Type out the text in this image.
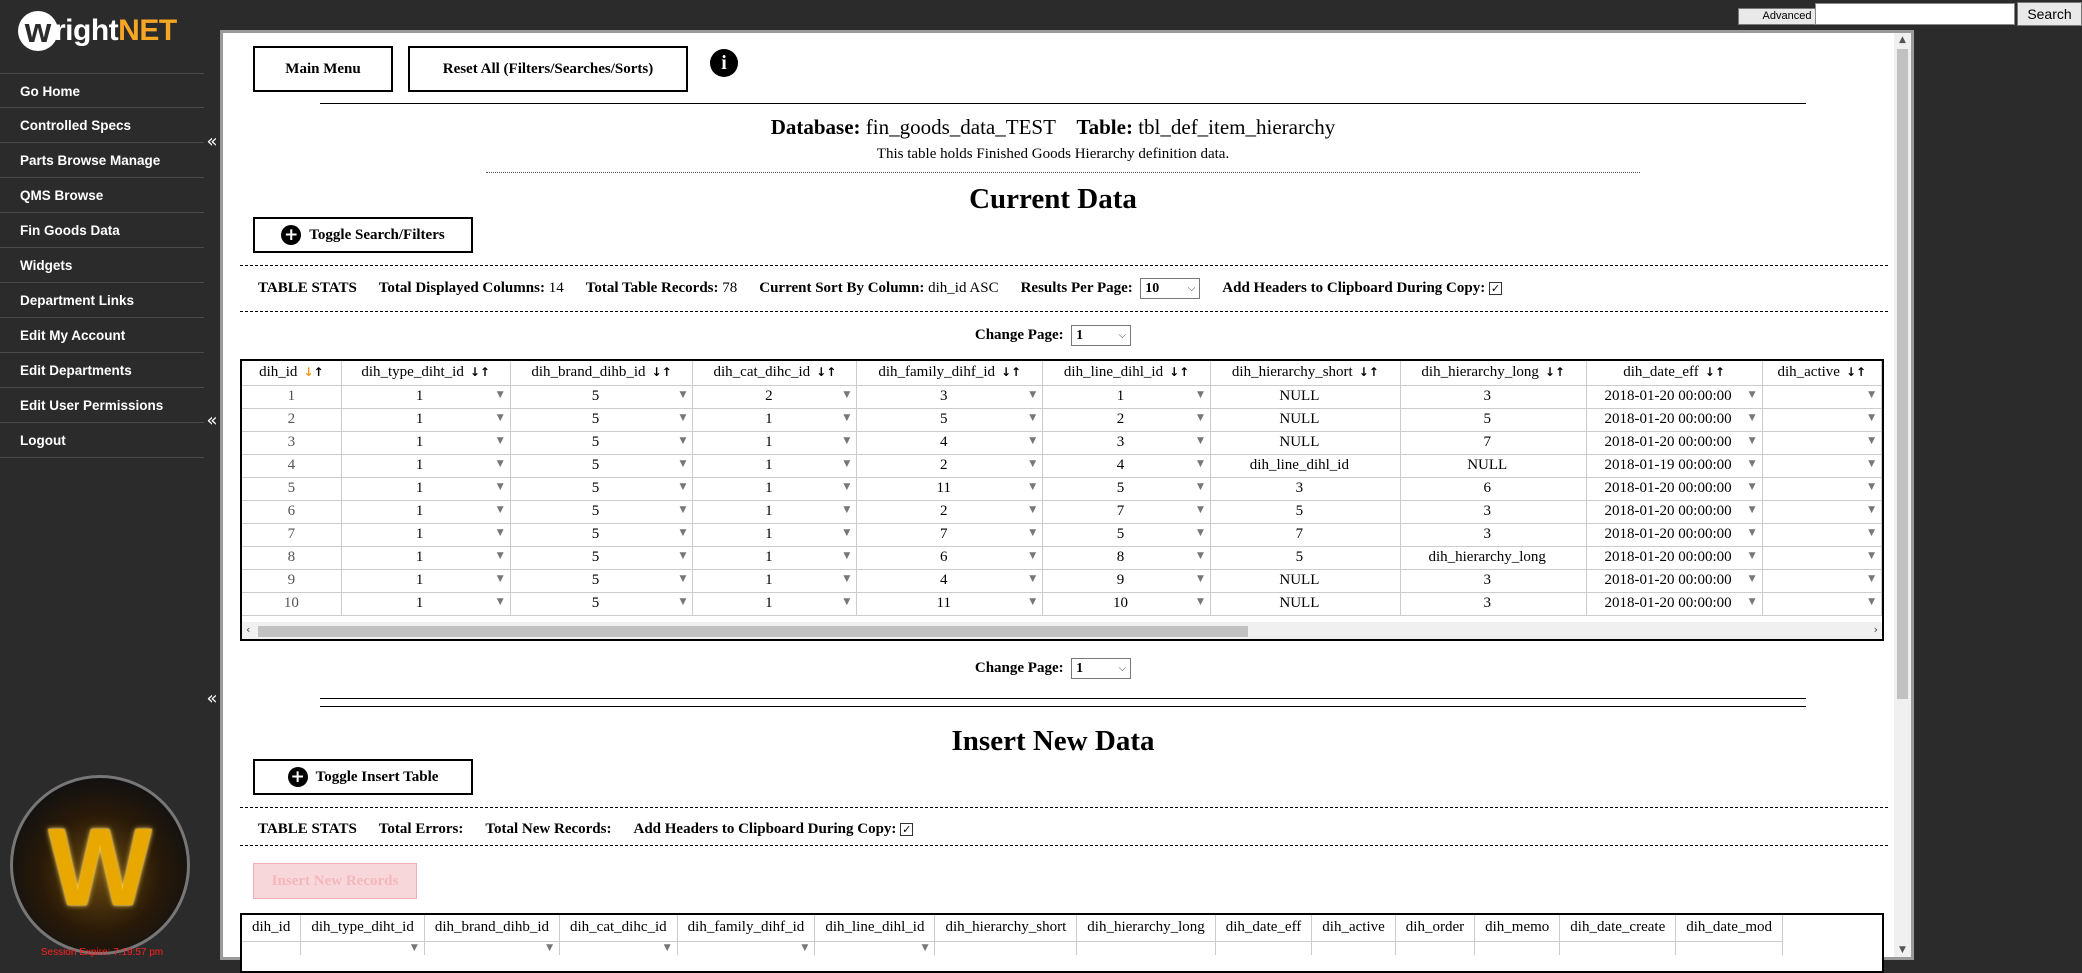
w right NET
Go Home
Controlled Specs
Parts Browse Manage
QMS Browse
Fin Goods Data
Widgets
Department Links
Edit My Account
Edit Departments
Edit User Permissions
Logout
W
Session Expire: 7:19:57 pm
«
«
«
Advanced	Search
▲
▼
Main Menu	Reset All (Filters/Searches/Sorts)	i
Database: fin_goods_data_TEST Table: tbl_def_item_hierarchy
This table holds Finished Goods Hierarchy definition data.
Current Data
+ Toggle Search/Filters
TABLE STATS Total Displayed Columns: 14 Total Table Records: 78 Current Sort By Column: dih_id ASC Results Per Page: 10	⌵ Add Headers to Clipboard During Copy: ✓
Change Page: 1	⌵
dih_id ↓↑	dih_type_diht_id ↓↑	dih_brand_dihb_id ↓↑	dih_cat_dihc_id ↓↑	dih_family_dihf_id ↓↑	dih_line_dihl_id ↓↑	dih_hierarchy_short ↓↑	dih_hierarchy_long ↓↑	dih_date_eff ↓↑	dih_active ↓↑
1	1 ▼	5 ▼	2 ▼	3 ▼	1 ▼	NULL	3	2018-01-20 00:00:00 ▼	▼

2	1 ▼	5 ▼	1 ▼	5 ▼	2 ▼	NULL	5	2018-01-20 00:00:00 ▼	▼

3	1 ▼	5 ▼	1 ▼	4 ▼	3 ▼	NULL	7	2018-01-20 00:00:00 ▼	▼

4	1 ▼	5 ▼	1 ▼	2 ▼	4 ▼	dih_line_dihl_id	NULL	2018-01-19 00:00:00 ▼	▼

5	1 ▼	5 ▼	1 ▼	11 ▼	5 ▼	3	6	2018-01-20 00:00:00 ▼	▼

6	1 ▼	5 ▼	1 ▼	2 ▼	7 ▼	5	3	2018-01-20 00:00:00 ▼	▼

7	1 ▼	5 ▼	1 ▼	7 ▼	5 ▼	7	3	2018-01-20 00:00:00 ▼	▼

8	1 ▼	5 ▼	1 ▼	6 ▼	8 ▼	5	dih_hierarchy_long	2018-01-20 00:00:00 ▼	▼

9	1 ▼	5 ▼	1 ▼	4 ▼	9 ▼	NULL	3	2018-01-20 00:00:00 ▼	▼

10	1 ▼	5 ▼	1 ▼	11 ▼	10 ▼	NULL	3	2018-01-20 00:00:00 ▼	▼
‹	›
Change Page: 1	⌵
Insert New Data
+ Toggle Insert Table
TABLE STATS Total Errors: Total New Records: Add Headers to Clipboard During Copy: ✓
Insert New Records
dih_id	dih_type_diht_id	dih_brand_dihb_id	dih_cat_dihc_id	dih_family_dihf_id	dih_line_dihl_id	dih_hierarchy_short	dih_hierarchy_long	dih_date_eff	dih_active	dih_order	dih_memo	dih_date_create	dih_date_mod

	▼	▼	▼	▼	▼								
